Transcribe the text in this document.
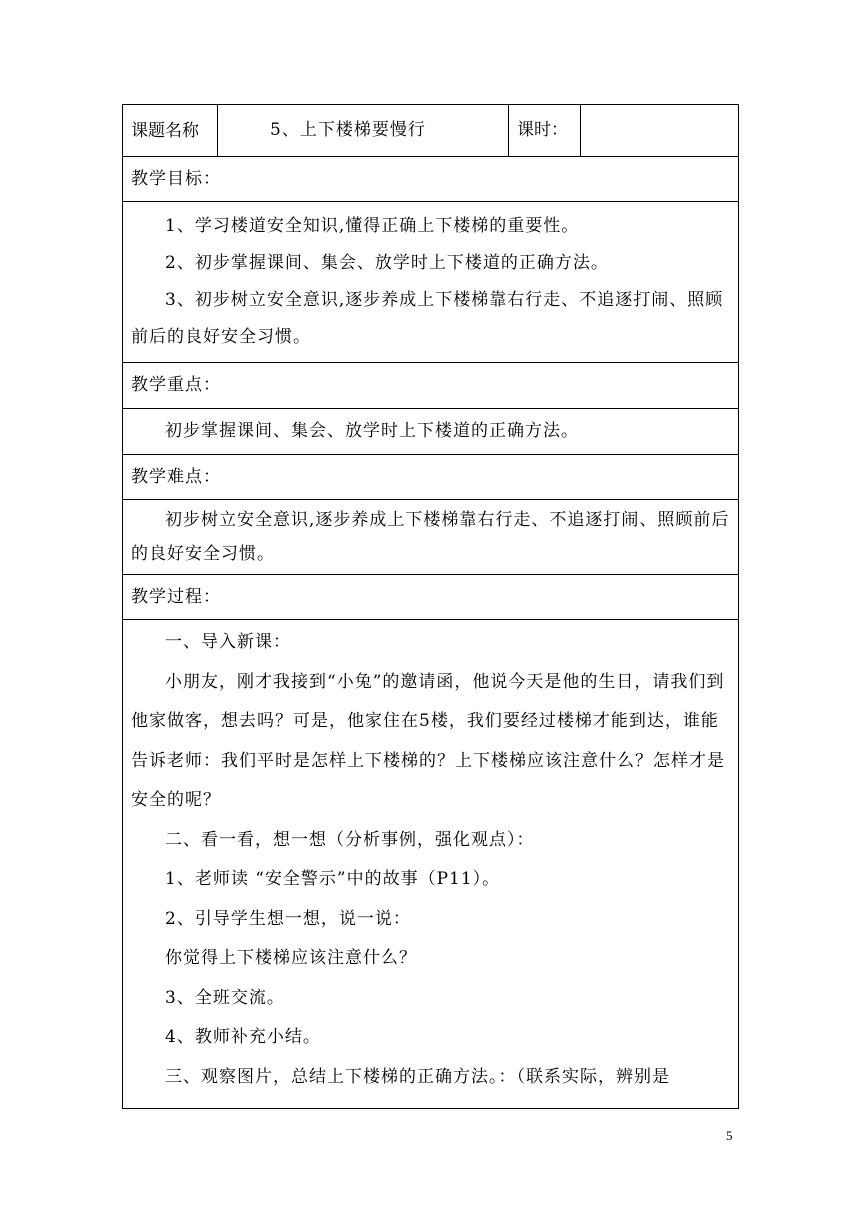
课题名称	5、上下楼梯要慢行	课时：	

教学目标：

1、学习楼道安全知识,懂得正确上下楼梯的重要性。

2、初步掌握课间、集会、放学时上下楼道的正确方法。

3、初步树立安全意识,逐步养成上下楼梯靠右行走、不追逐打闹、照顾前后的良好安全习惯。

教学重点：

初步掌握课间、集会、放学时上下楼道的正确方法。

教学难点：

初步树立安全意识,逐步养成上下楼梯靠右行走、不追逐打闹、照顾前后的良好安全习惯。

教学过程：

一、导入新课：

小朋友，刚才我接到“小兔”的邀请函，他说今天是他的生日，请我们到他家做客，想去吗？可是，他家住在5楼，我们要经过楼梯才能到达，谁能告诉老师：我们平时是怎样上下楼梯的？上下楼梯应该注意什么？怎样才是安全的呢？

二、看一看，想一想（分析事例，强化观点）：

1、老师读 “安全警示”中的故事（P11）。

2、引导学生想一想，说一说：

你觉得上下楼梯应该注意什么？

3、全班交流。

4、教师补充小结。

三、观察图片，总结上下楼梯的正确方法。：（联系实际，辨别是

5
